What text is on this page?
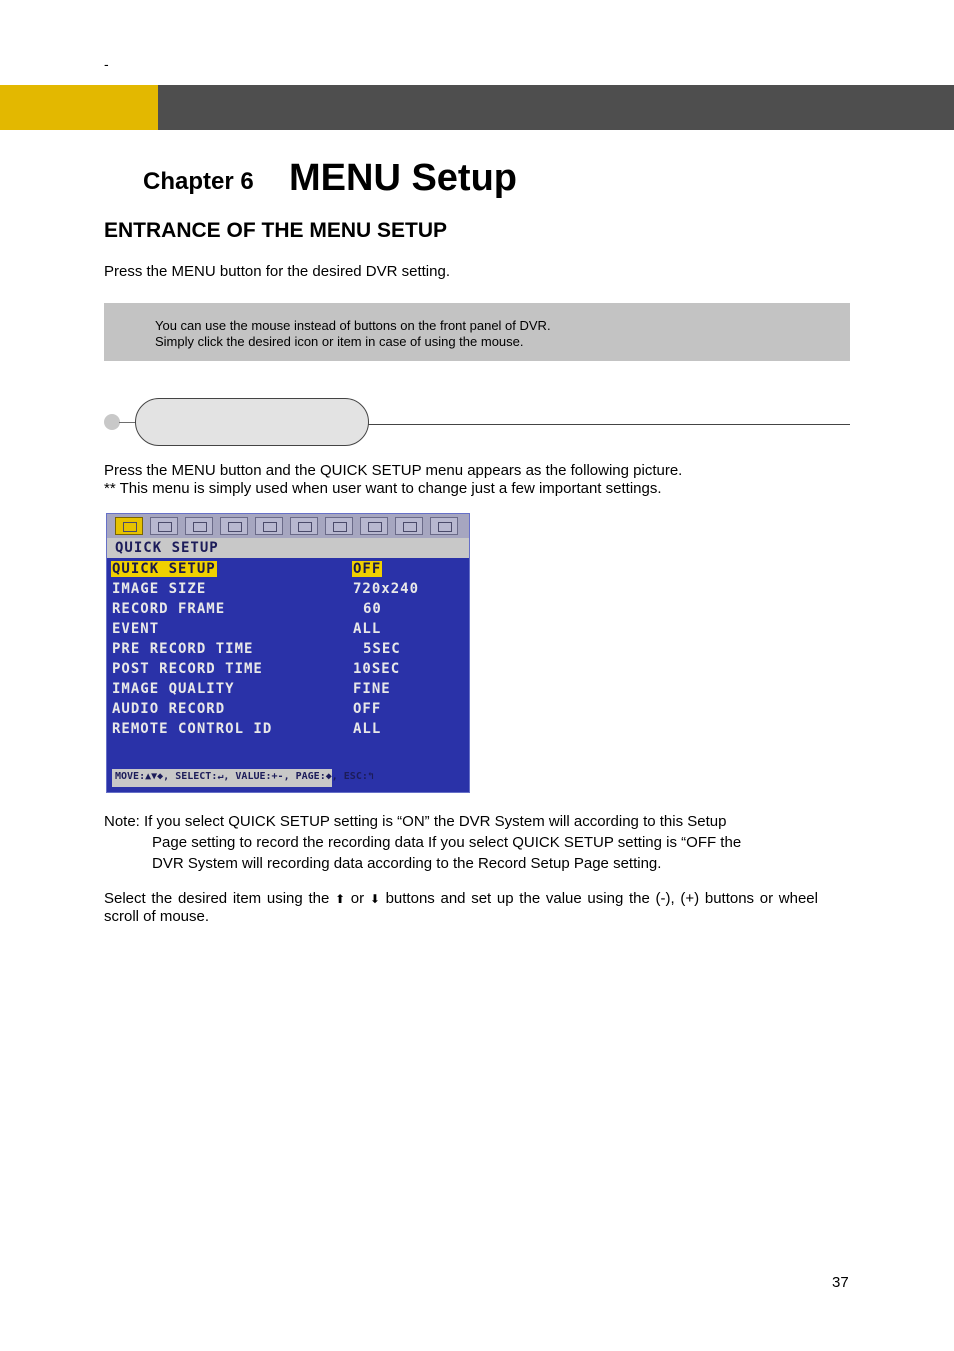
-
Chapter 6 MENU Setup
ENTRANCE OF THE MENU SETUP
Press the MENU button for the desired DVR setting.
You can use the mouse instead of buttons on the front panel of DVR.
Simply click the desired icon or item in case of using the mouse.
Press the MENU button and the QUICK SETUP menu appears as the following picture.
** This menu is simply used when user want to change just a few important settings.
QUICK SETUP
QUICK SETUP	OFF
IMAGE SIZE	720x240
RECORD FRAME	60
EVENT	ALL
PRE RECORD TIME	5SEC
POST RECORD TIME	10SEC
IMAGE QUALITY	FINE
AUDIO RECORD	OFF
REMOTE CONTROL ID	ALL
MOVE:▲▼◆, SELECT:↵, VALUE:+-, PAGE:◆, ESC:↰

Note: If you select QUICK SETUP setting is “ON” the DVR System will according to this Setup

Page setting to record the recording data If you select QUICK SETUP setting is “OFF the

DVR System will recording data according to the Record Setup Page setting.

Select the desired item using the ⬆ or ⬇ buttons and set up the value using the (-), (+) buttons or wheel scroll of mouse.
37
